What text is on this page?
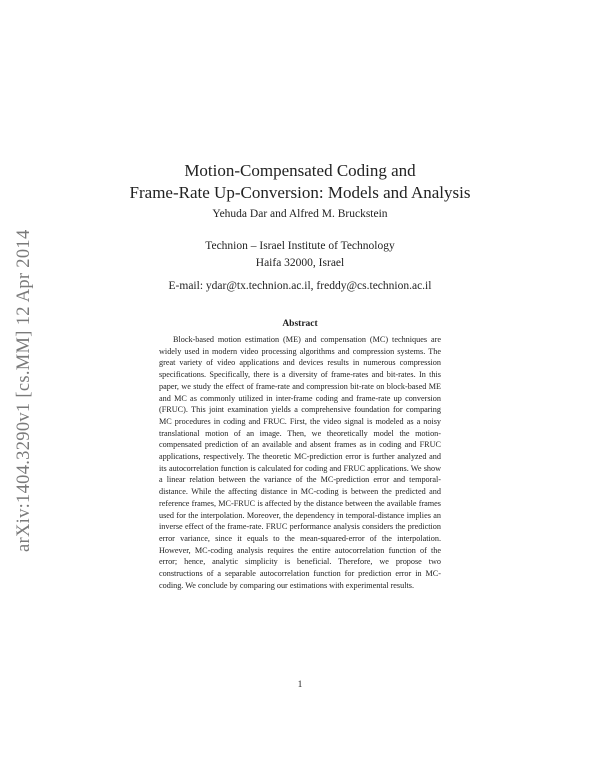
arXiv:1404.3290v1 [cs.MM] 12 Apr 2014
Motion-Compensated Coding and
Frame-Rate Up-Conversion: Models and Analysis
Yehuda Dar and Alfred M. Bruckstein
Technion – Israel Institute of Technology
Haifa 32000, Israel
E-mail: ydar@tx.technion.ac.il, freddy@cs.technion.ac.il
Abstract

Block-based motion estimation (ME) and compensation (MC) techniques are widely used in modern video processing algorithms and compression systems. The great variety of video applications and devices results in numerous compression specifications. Specifically, there is a diversity of frame-rates and bit-rates. In this paper, we study the effect of frame-rate and compression bit-rate on block-based ME and MC as commonly utilized in inter-frame coding and frame-rate up conversion (FRUC). This joint examination yields a comprehensive foundation for comparing MC procedures in coding and FRUC. First, the video signal is modeled as a noisy translational motion of an image. Then, we theoretically model the motion-compensated prediction of an available and absent frames as in coding and FRUC applications, respectively. The theoretic MC-prediction error is further analyzed and its autocorrelation function is calculated for coding and FRUC applications. We show a linear relation between the variance of the MC-prediction error and temporal-distance. While the affecting distance in MC-coding is between the predicted and reference frames, MC-FRUC is affected by the distance between the available frames used for the interpolation. Moreover, the dependency in temporal-distance implies an inverse effect of the frame-rate. FRUC performance analysis considers the prediction error variance, since it equals to the mean-squared-error of the interpolation. However, MC-coding analysis requires the entire autocorrelation function of the error; hence, analytic simplicity is beneficial. Therefore, we propose two constructions of a separable autocorrelation function for prediction error in MC-coding. We conclude by comparing our estimations with experimental results.

1
